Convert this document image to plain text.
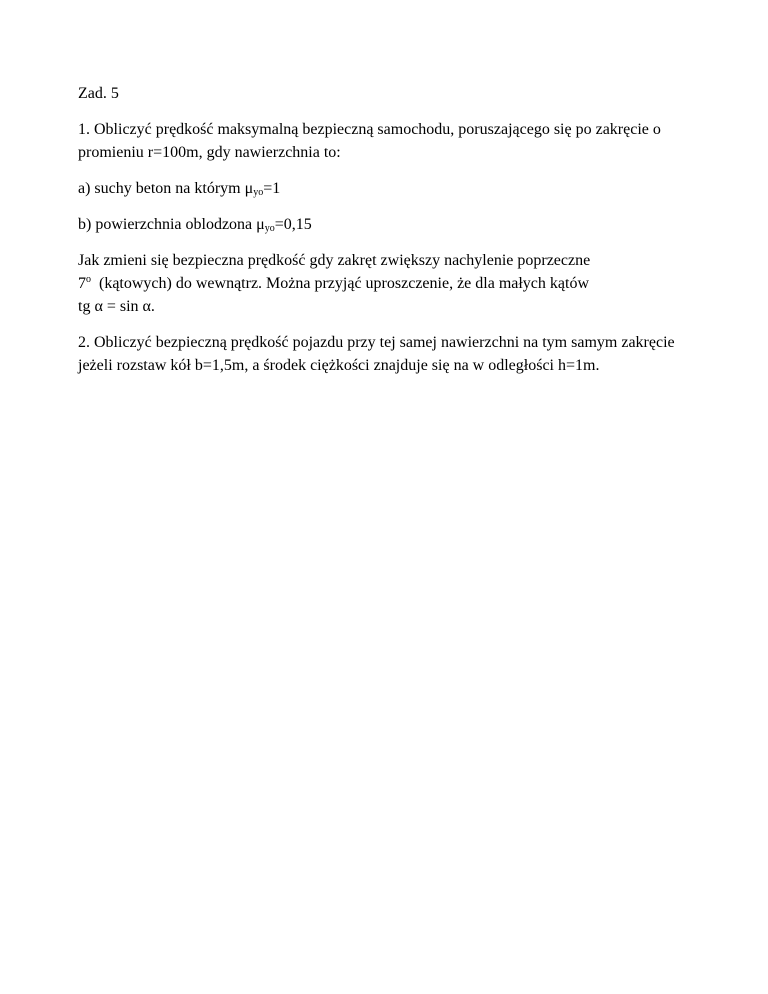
Zad. 5

1. Obliczyć prędkość maksymalną bezpieczną samochodu, poruszającego się po zakręcie o promieniu r=100m, gdy nawierzchnia to:

a) suchy beton na którym $\mu_{yo}=1$

b) powierzchnia oblodzona $\mu_{yo}=0,15$

Jak zmieni się bezpieczna prędkość gdy zakręt zwiększy nachylenie poprzeczne
7$^o$  (kątowych) do wewnątrz. Można przyjąć uproszczenie, że dla małych kątów
tg α = sin α.

2. Obliczyć bezpieczną prędkość pojazdu przy tej samej nawierzchni na tym samym zakręcie jeżeli rozstaw kół b=1,5m, a środek ciężkości znajduje się na w odległości h=1m.
